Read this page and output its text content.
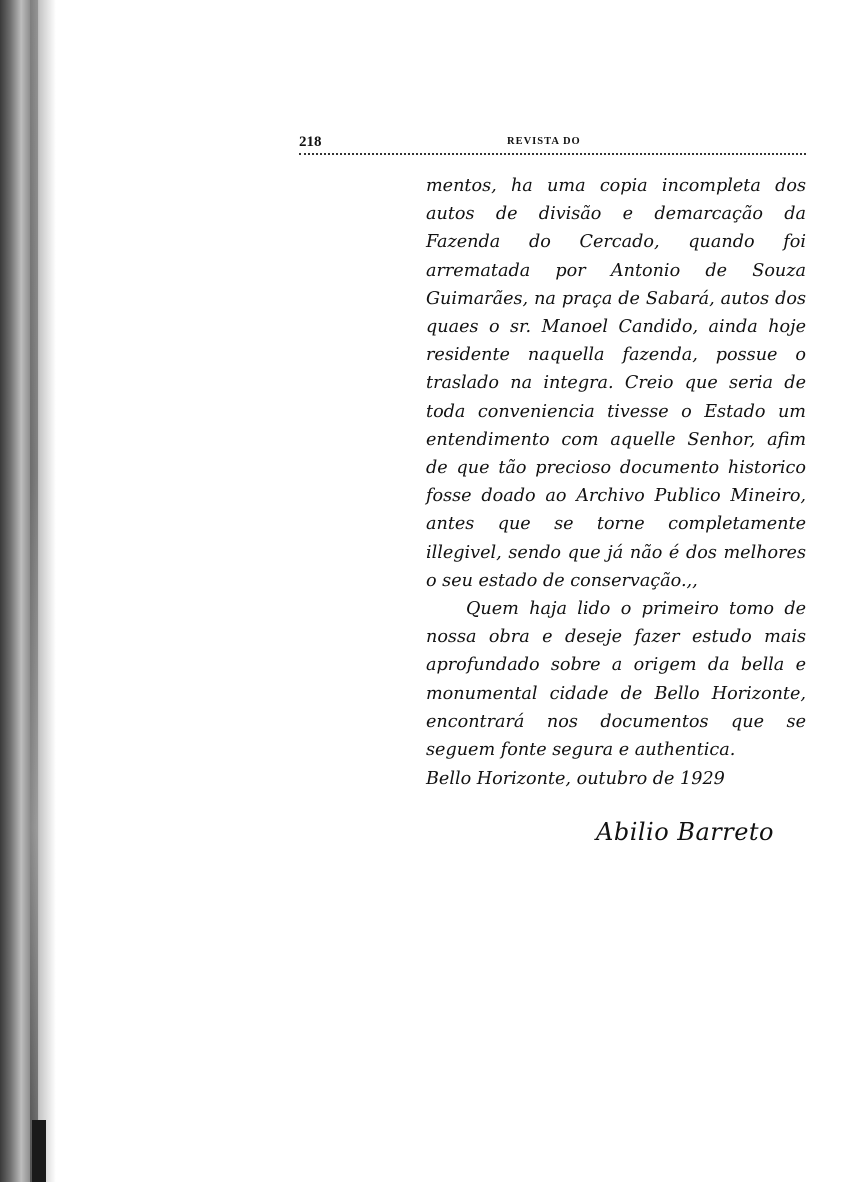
218	REVISTA DO

mentos, ha uma copia incompleta dos autos de divisão e demarcação da Fazenda do Cercado, quando foi arrematada por Antonio de Souza Guimarães, na praça de Sabará, autos dos quaes o sr. Manoel Candido, ainda hoje residente naquella fazenda, possue o traslado na integra. Creio que seria de toda conveniencia tivesse o Estado um entendimento com aquelle Senhor, afim de que tão precioso documento historico fosse doado ao Archivo Publico Mineiro, antes que se torne completamente illegivel, sendo que já não é dos melhores o seu estado de conservação.,,

Quem haja lido o primeiro tomo de nossa obra e deseje fazer estudo mais aprofundado sobre a origem da bella e monumental cidade de Bello Horizonte, encontrará nos documentos que se seguem fonte segura e authentica.

Bello Horizonte, outubro de 1929
Abilio Barreto
